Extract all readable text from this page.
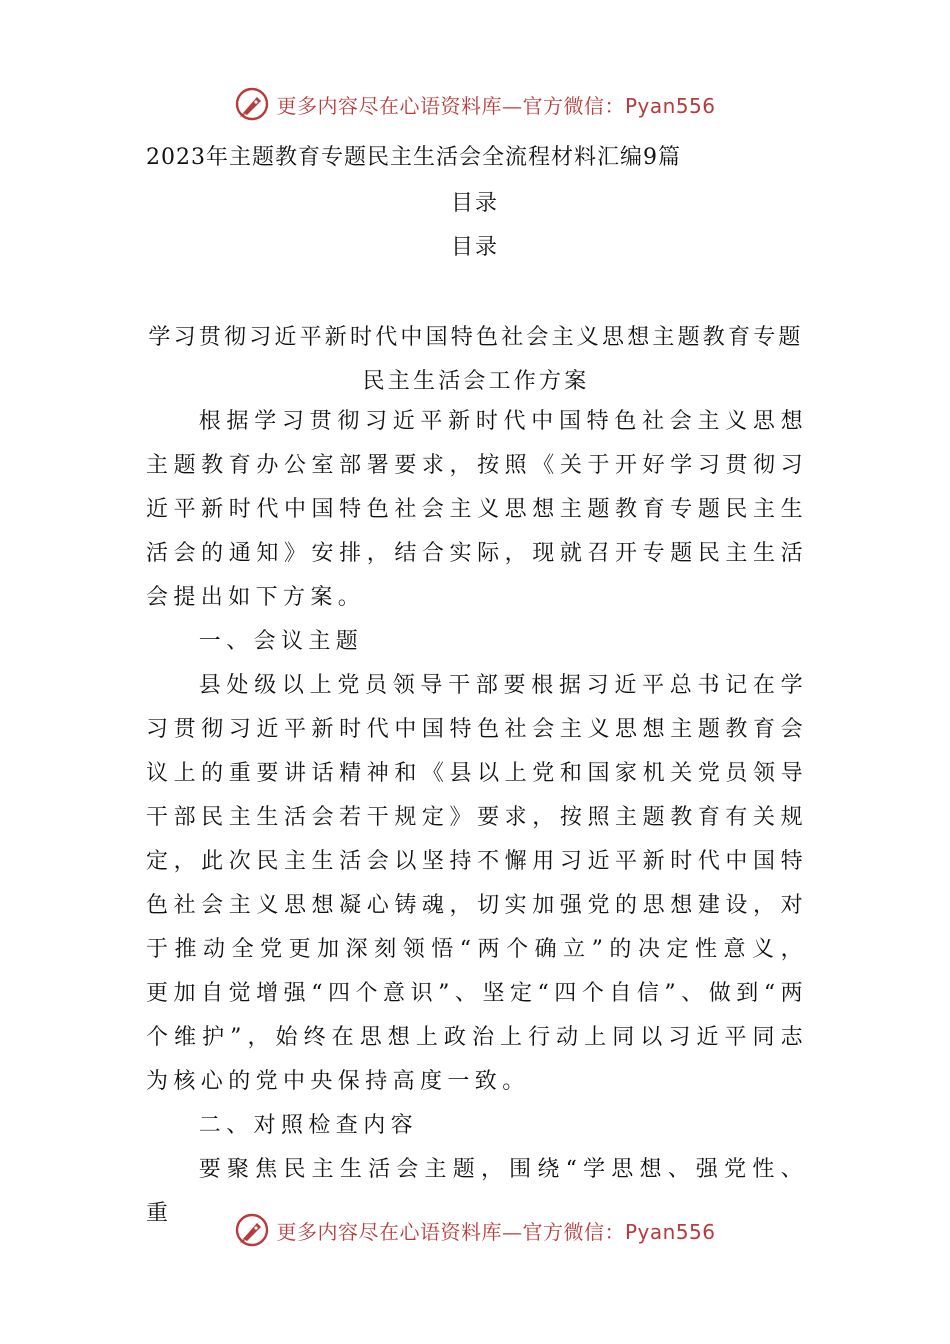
更多内容尽在心语资料库—官方微信：Pyan556
2023年主题教育专题民主生活会全流程材料汇编9篇
目录
目录
学习贯彻习近平新时代中国特色社会主义思想主题教育专题民主生活会工作方案

根据学习贯彻习近平新时代中国特色社会主义思想主题教育办公室部署要求，按照《关于开好学习贯彻习近平新时代中国特色社会主义思想主题教育专题民主生活会的通知》安排，结合实际，现就召开专题民主生活会提出如下方案。

一、会议主题

县处级以上党员领导干部要根据习近平总书记在学习贯彻习近平新时代中国特色社会主义思想主题教育会议上的重要讲话精神和《县以上党和国家机关党员领导干部民主生活会若干规定》要求，按照主题教育有关规定，此次民主生活会以坚持不懈用习近平新时代中国特色社会主义思想凝心铸魂，切实加强党的思想建设，对于推动全党更加深刻领悟“两个确立”的决定性意义，更加自觉增强“四个意识”、坚定“四个自信”、做到“两个维护”，始终在思想上政治上行动上同以习近平同志为核心的党中央保持高度一致。

二、对照检查内容

要聚焦民主生活会主题，围绕“学思想、强党性、重

更多内容尽在心语资料库—官方微信：Pyan556
